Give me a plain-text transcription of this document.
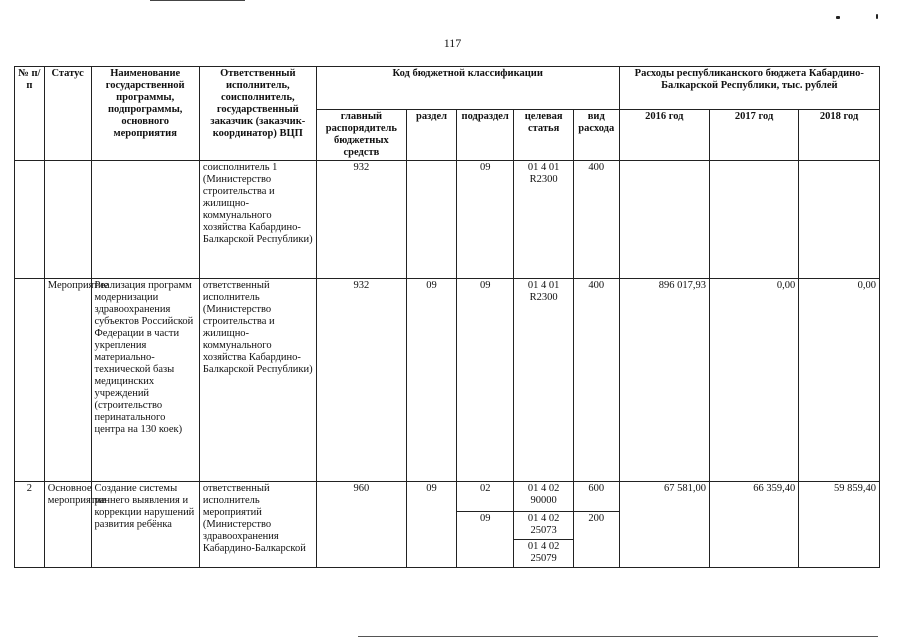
117
№ п/п	Статус	Наименование государственной программы, подпрограммы, основного мероприятия	Ответственный исполнитель, соисполнитель, государственный заказчик (заказчик-координатор) ВЦП	Код бюджетной классификации					Расходы республиканского бюджета Кабардино-Балкарской Республики, тыс. рублей		
				главный распорядитель бюджетных средств	раздел	подраздел	целевая статья	вид расхода	2016 год	2017 год	2018 год
			соисполнитель 1 (Министерство строительства и жилищно-коммунального хозяйства Кабардино-Балкарской Республики)	932		09	01 4 01 R2300	400			
	Мероприятие	Реализация программ модернизации здравоохранения субъектов Российской Федерации в части укрепления материально-технической базы медицинских учреждений (строительство перинатального центра на 130 коек)	ответственный исполнитель (Министерство строительства и жилищно-коммунального хозяйства Кабардино-Балкарской Республики)	932	09	09	01 4 01 R2300	400	896 017,93	0,00	0,00
2	Основное мероприятие	Создание системы раннего выявления и коррекции нарушений развития ребёнка	ответственный исполнитель мероприятий (Министерство здравоохранения Кабардино-Балкарской	960	09	02	01 4 02 90000	600	67 581,00	66 359,40	59 859,40
						09	01 4 02 25073	200			
							01 4 02 25079				
